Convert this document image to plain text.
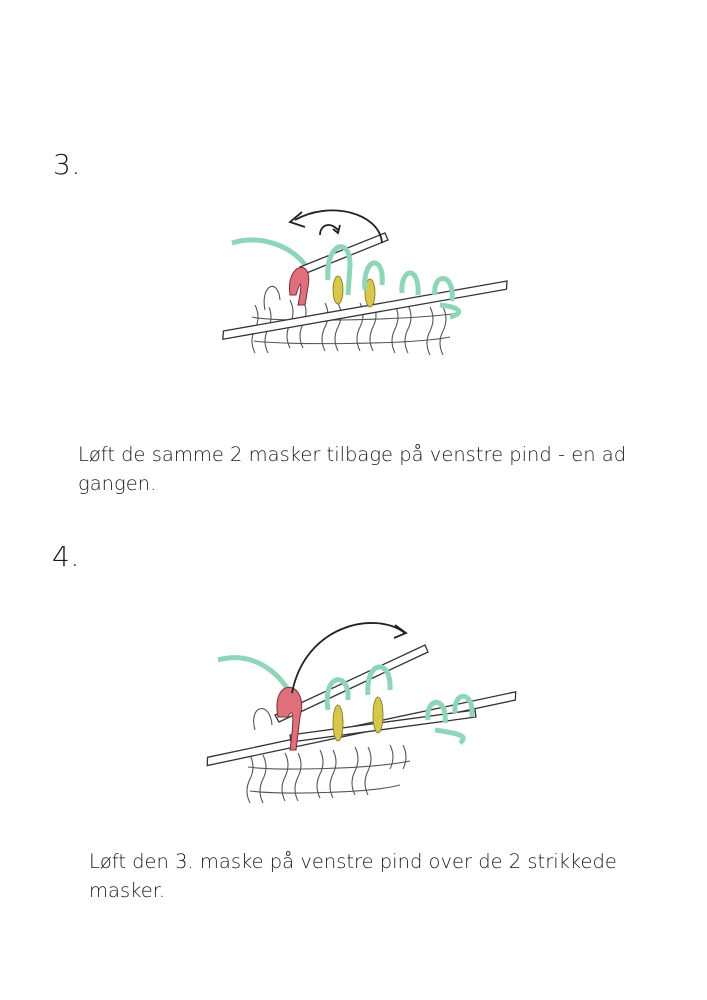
3.
Løft de samme 2 masker tilbage på venstre pind - en ad gangen.
4.
Løft den 3. maske på venstre pind over de 2 strikkede masker.
